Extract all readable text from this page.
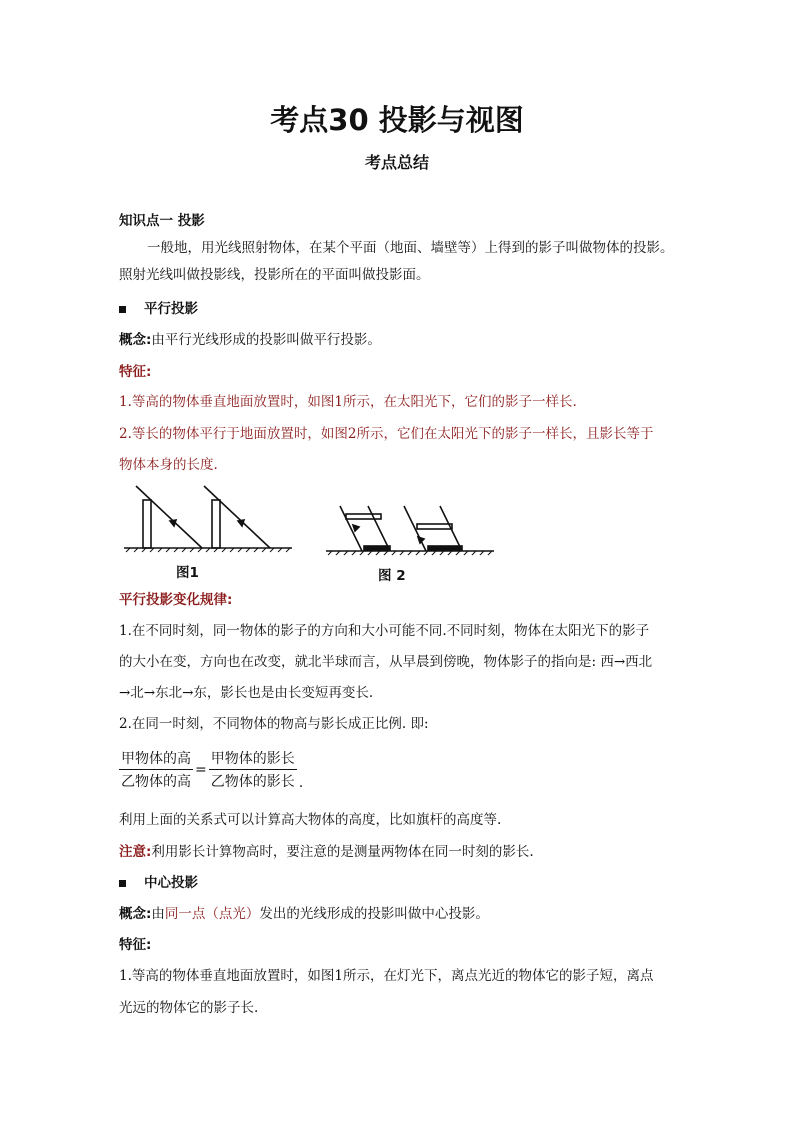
考点30 投影与视图
考点总结
知识点一 投影
一般地，用光线照射物体，在某个平面（地面、墙壁等）上得到的影子叫做物体的投影。
照射光线叫做投影线，投影所在的平面叫做投影面。
平行投影
概念:由平行光线形成的投影叫做平行投影。
特征:
1.等高的物体垂直地面放置时，如图1所示，在太阳光下，它们的影子一样长.
2.等长的物体平行于地面放置时，如图2所示，它们在太阳光下的影子一样长，且影长等于
物体本身的长度.
图1	图 2
平行投影变化规律:
1.在不同时刻，同一物体的影子的方向和大小可能不同.不同时刻，物体在太阳光下的影子
的大小在变，方向也在改变，就北半球而言，从早晨到傍晚，物体影子的指向是: 西→西北
→北→东北→东，影长也是由长变短再变长.
2.在同一时刻，不同物体的物高与影长成正比例. 即:
$\frac{\text{甲物体的高}}{\text{乙物体的高}} = \frac{\text{甲物体的影长}}{\text{乙物体的影长}}$ .
利用上面的关系式可以计算高大物体的高度，比如旗杆的高度等.
注意:利用影长计算物高时，要注意的是测量两物体在同一时刻的影长.
中心投影
概念:由同一点（点光）发出的光线形成的投影叫做中心投影。
特征:
1.等高的物体垂直地面放置时，如图1所示，在灯光下，离点光近的物体它的影子短，离点
光远的物体它的影子长.
